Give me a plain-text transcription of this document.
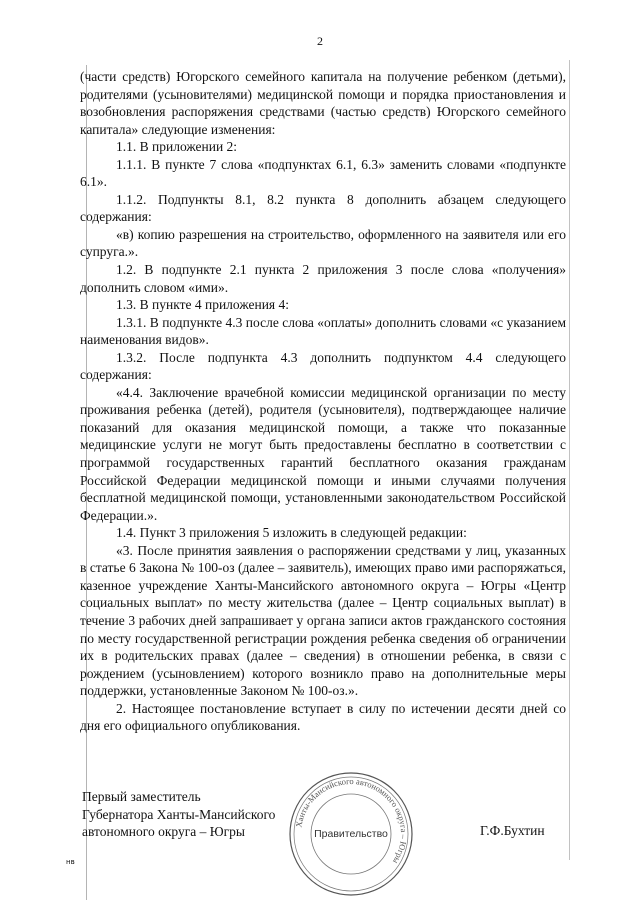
2

(части средств) Югорского семейного капитала на получение ребенком (детьми), родителями (усыновителями) медицинской помощи и порядка приостановления и возобновления распоряжения средствами (частью средств) Югорского семейного капитала» следующие изменения:

1.1. В приложении 2:

1.1.1. В пункте 7 слова «подпунктах 6.1, 6.3» заменить словами «подпункте 6.1».

1.1.2. Подпункты 8.1, 8.2 пункта 8 дополнить абзацем следующего содержания:

«в) копию разрешения на строительство, оформленного на заявителя или его супруга.».

1.2. В подпункте 2.1 пункта 2 приложения 3 после слова «получения» дополнить словом «ими».

1.3. В пункте 4 приложения 4:

1.3.1. В подпункте 4.3 после слова «оплаты» дополнить словами «с указанием наименования видов».

1.3.2. После подпункта 4.3 дополнить подпунктом 4.4 следующего содержания:

«4.4. Заключение врачебной комиссии медицинской организации по месту проживания ребенка (детей), родителя (усыновителя), подтверждающее наличие показаний для оказания медицинской помощи, а также что показанные медицинские услуги не могут быть предоставлены бесплатно в соответствии с программой государственных гарантий бесплатного оказания гражданам Российской Федерации медицинской помощи и иными случаями получения бесплатной медицинской помощи, установленными законодательством Российской Федерации.».

1.4. Пункт 3 приложения 5 изложить в следующей редакции:

«3. После принятия заявления о распоряжении средствами у лиц, указанных в статье 6 Закона № 100-оз (далее – заявитель), имеющих право ими распоряжаться, казенное учреждение Ханты-Мансийского автономного округа – Югры «Центр социальных выплат» по месту жительства (далее – Центр социальных выплат) в течение 3 рабочих дней запрашивает у органа записи актов гражданского состояния по месту государственной регистрации рождения ребенка сведения об ограничении их в родительских правах (далее – сведения) в отношении ребенка, в связи с рождением (усыновлением) которого возникло право на дополнительные меры поддержки, установленные Законом № 100-оз.».

2. Настоящее постановление вступает в силу по истечении десяти дней со дня его официального опубликования.

Первый заместитель
Губернатора Ханты-Мансийского
автономного округа – Югры	Ханты-Мансийского автономного округа – Югры
Правительство	Г.Ф.Бухтин
нв
